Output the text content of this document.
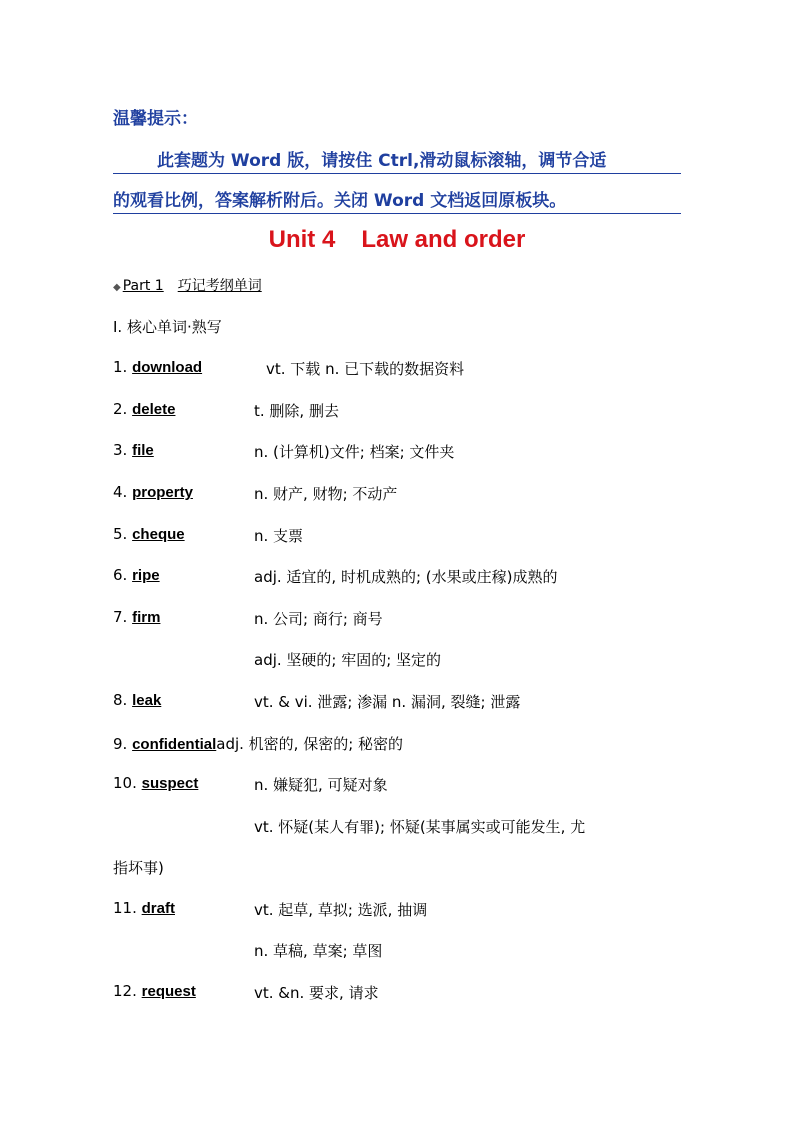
温馨提示：
此套题为 Word 版，请按住 Ctrl,滑动鼠标滚轴，调节合适
的观看比例，答案解析附后。关闭 Word 文档返回原板块。
Unit 4 Law and order
◆ Part 1 巧记考纲单词
Ⅰ. 核心单词·熟写
1. download	vt. 下载 n. 已下载的数据资料
2. delete	t. 删除, 删去
3. file	n. (计算机)文件; 档案; 文件夹
4. property	n. 财产, 财物; 不动产
5. cheque	n. 支票
6. ripe	adj. 适宜的, 时机成熟的; (水果或庄稼)成熟的
7. firm	n. 公司; 商行; 商号
adj. 坚硬的; 牢固的; 坚定的
8. leak	vt. & vi. 泄露; 渗漏 n. 漏洞, 裂缝; 泄露
9. confidentialadj. 机密的, 保密的; 秘密的
10. suspect	n. 嫌疑犯, 可疑对象
vt. 怀疑(某人有罪); 怀疑(某事属实或可能发生, 尤
指坏事)
11. draft	vt. 起草, 草拟; 选派, 抽调
n. 草稿, 草案; 草图
12. request	vt. &n. 要求, 请求
